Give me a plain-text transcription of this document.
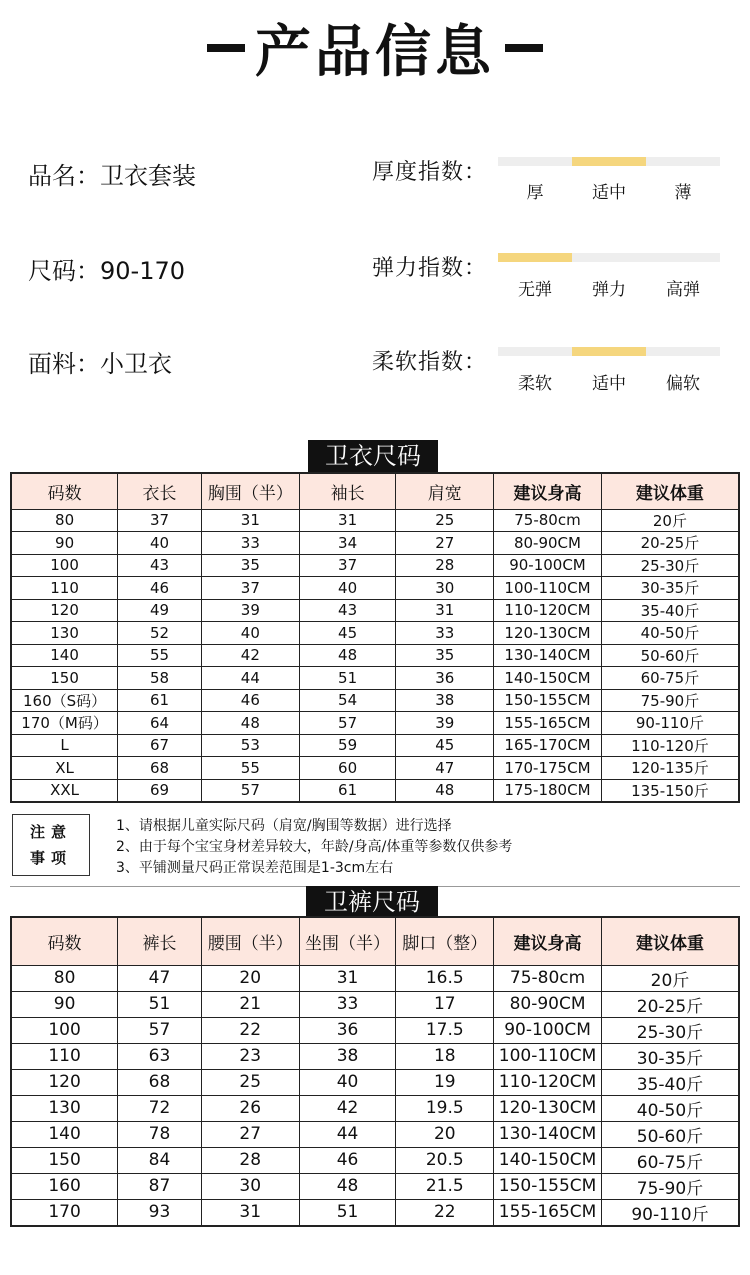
产品信息
品名：卫衣套装
尺码：90-170
面料：小卫衣
厚度指数：
厚	适中	薄
弹力指数：
无弹	弹力	高弹
柔软指数：
柔软	适中	偏软
卫衣尺码
码数	衣长	胸围（半）	袖长	肩宽	建议身高	建议体重
80	37	31	31	25	75-80cm	20斤
90	40	33	34	27	80-90CM	20-25斤
100	43	35	37	28	90-100CM	25-30斤
110	46	37	40	30	100-110CM	30-35斤
120	49	39	43	31	110-120CM	35-40斤
130	52	40	45	33	120-130CM	40-50斤
140	55	42	48	35	130-140CM	50-60斤
150	58	44	51	36	140-150CM	60-75斤
160（S码）	61	46	54	38	150-155CM	75-90斤
170（M码）	64	48	57	39	155-165CM	90-110斤
L	67	53	59	45	165-170CM	110-120斤
XL	68	55	60	47	170-175CM	120-135斤
XXL	69	57	61	48	175-180CM	135-150斤
注意
事项
1、请根据儿童实际尺码（肩宽/胸围等数据）进行选择
2、由于每个宝宝身材差异较大，年龄/身高/体重等参数仅供参考
3、平铺测量尺码正常误差范围是1-3cm左右
卫裤尺码
码数	裤长	腰围（半）	坐围（半）	脚口（整）	建议身高	建议体重
80	47	20	31	16.5	75-80cm	20斤
90	51	21	33	17	80-90CM	20-25斤
100	57	22	36	17.5	90-100CM	25-30斤
110	63	23	38	18	100-110CM	30-35斤
120	68	25	40	19	110-120CM	35-40斤
130	72	26	42	19.5	120-130CM	40-50斤
140	78	27	44	20	130-140CM	50-60斤
150	84	28	46	20.5	140-150CM	60-75斤
160	87	30	48	21.5	150-155CM	75-90斤
170	93	31	51	22	155-165CM	90-110斤
